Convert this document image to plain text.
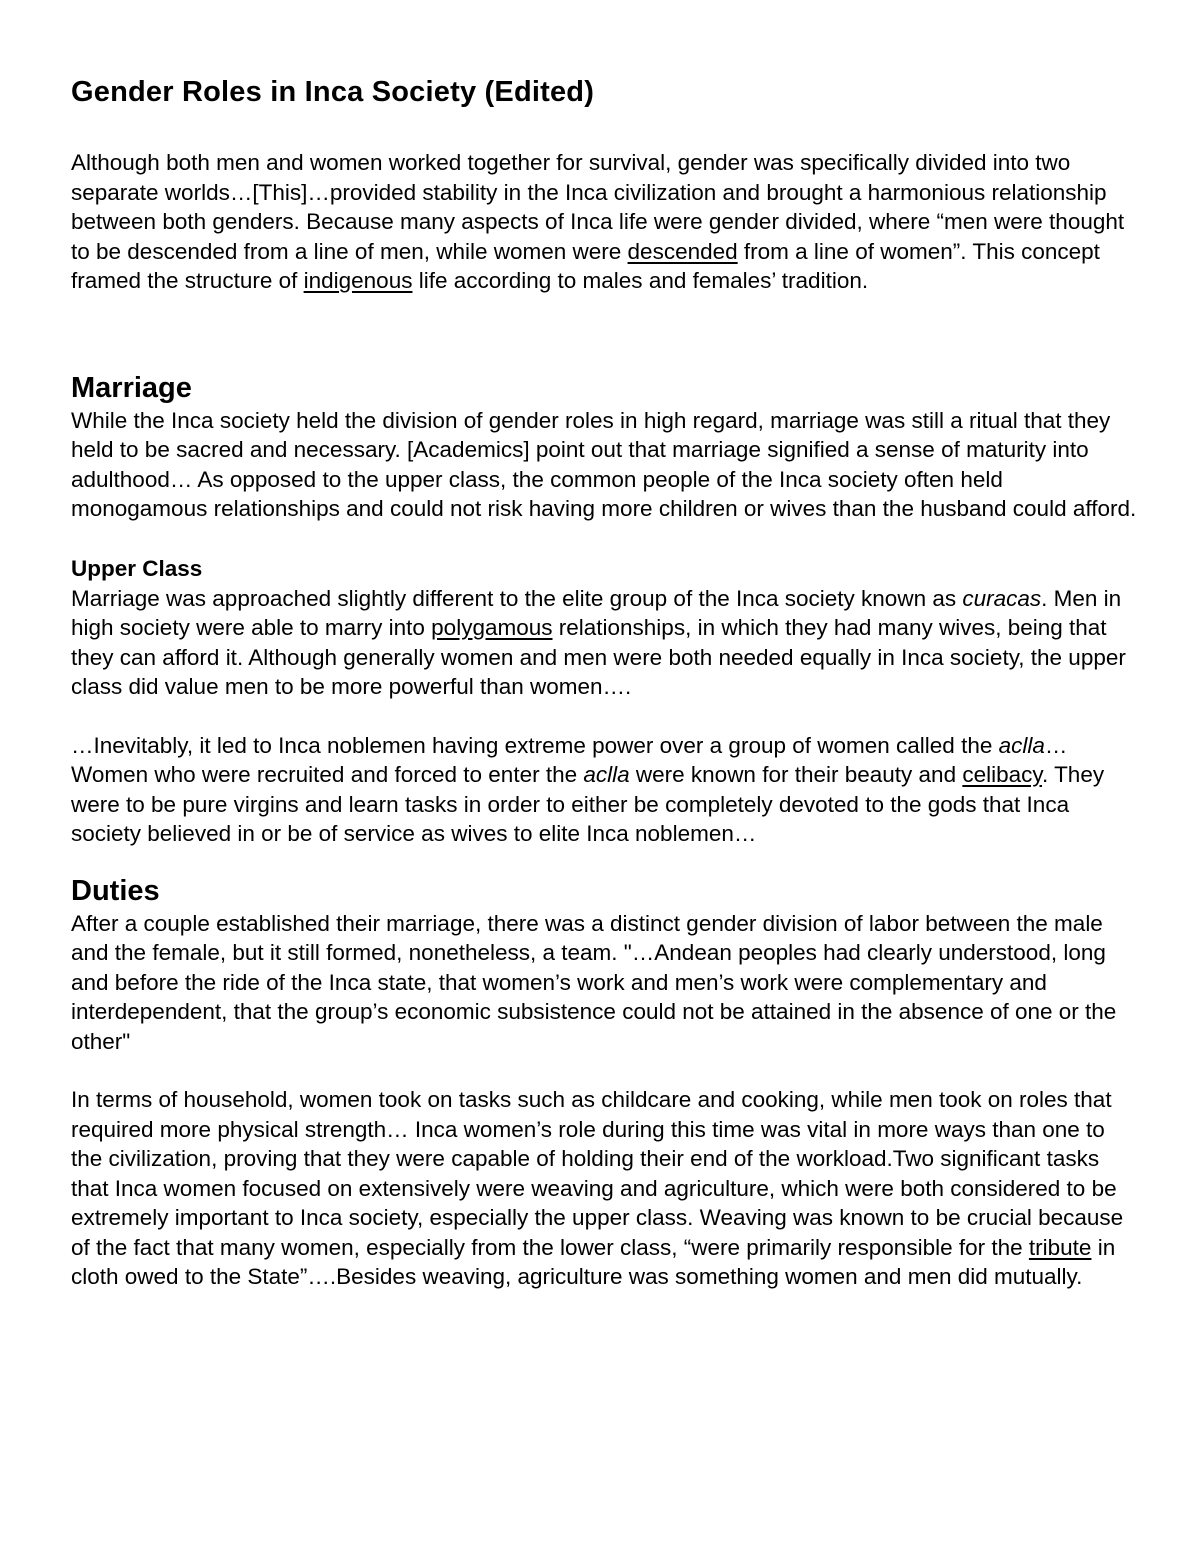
Gender Roles in Inca Society (Edited)

Although both men and women worked together for survival, gender was specifically divided into two separate worlds…[This]…provided stability in the Inca civilization and brought a harmonious relationship between both genders. Because many aspects of Inca life were gender divided, where “men were thought to be descended from a line of men, while women were descended from a line of women”. This concept framed the structure of indigenous life according to males and females’ tradition.

Marriage

While the Inca society held the division of gender roles in high regard, marriage was still a ritual that they held to be sacred and necessary. [Academics] point out that marriage signified a sense of maturity into adulthood… As opposed to the upper class, the common people of the Inca society often held monogamous relationships and could not risk having more children or wives than the husband could afford.

Upper Class

Marriage was approached slightly different to the elite group of the Inca society known as curacas. Men in high society were able to marry into polygamous relationships, in which they had many wives, being that they can afford it. Although generally women and men were both needed equally in Inca society, the upper class did value men to be more powerful than women….

…Inevitably, it led to Inca noblemen having extreme power over a group of women called the aclla… Women who were recruited and forced to enter the aclla were known for their beauty and celibacy. They were to be pure virgins and learn tasks in order to either be completely devoted to the gods that Inca society believed in or be of service as wives to elite Inca noblemen…

Duties

After a couple established their marriage, there was a distinct gender division of labor between the male and the female, but it still formed, nonetheless, a team. "…Andean peoples had clearly understood, long and before the ride of the Inca state, that women’s work and men’s work were complementary and interdependent, that the group’s economic subsistence could not be attained in the absence of one or the other"

In terms of household, women took on tasks such as childcare and cooking, while men took on roles that required more physical strength… Inca women’s role during this time was vital in more ways than one to the civilization, proving that they were capable of holding their end of the workload.Two significant tasks that Inca women focused on extensively were weaving and agriculture, which were both considered to be extremely important to Inca society, especially the upper class. Weaving was known to be crucial because of the fact that many women, especially from the lower class, “were primarily responsible for the tribute in cloth owed to the State”….Besides weaving, agriculture was something women and men did mutually.
